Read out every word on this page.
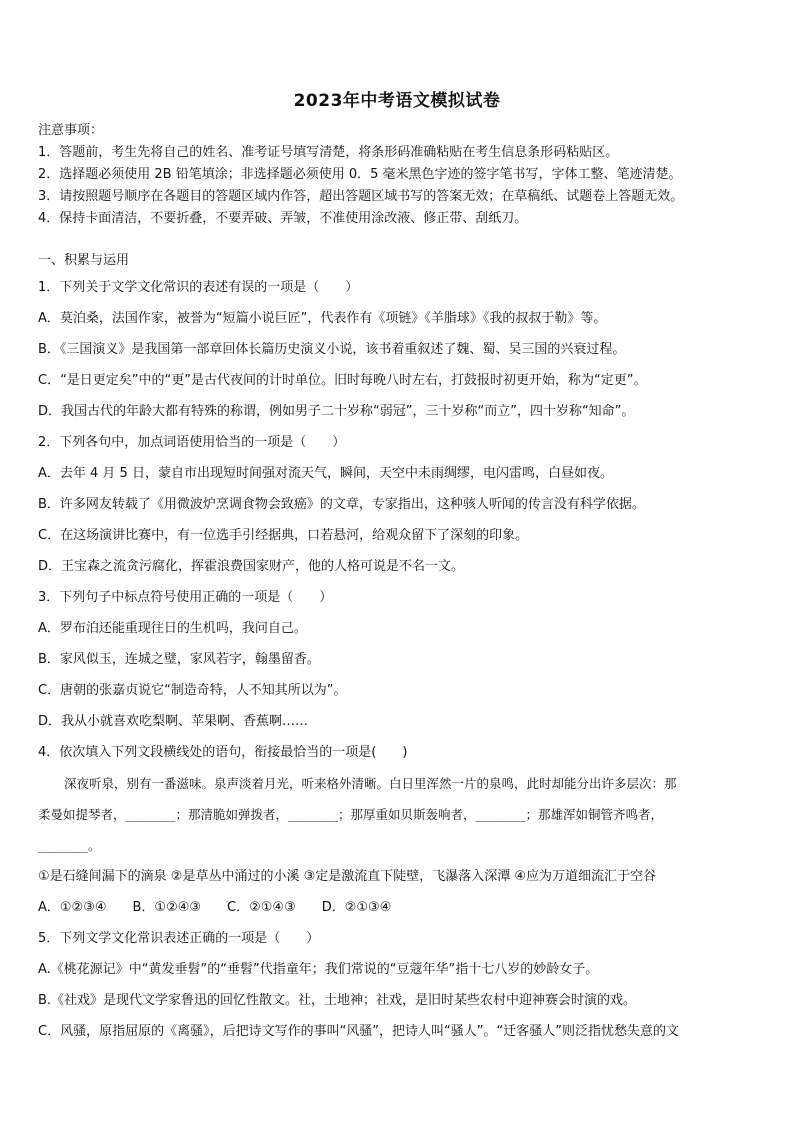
2023年中考语文模拟试卷
注意事项：
1．答题前，考生先将自己的姓名、准考证号填写清楚，将条形码准确粘贴在考生信息条形码粘贴区。
2．选择题必须使用 2B 铅笔填涂；非选择题必须使用 0．5 毫米黑色字迹的签字笔书写，字体工整、笔迹清楚。
3．请按照题号顺序在各题目的答题区域内作答，超出答题区域书写的答案无效；在草稿纸、试题卷上答题无效。
4．保持卡面清洁，不要折叠，不要弄破、弄皱，不准使用涂改液、修正带、刮纸刀。
一、积累与运用
1．下列关于文学文化常识的表述有误的一项是（　　）
A．莫泊桑，法国作家，被誉为“短篇小说巨匠”，代表作有《项链》《羊脂球》《我的叔叔于勒》等。
B．《三国演义》是我国第一部章回体长篇历史演义小说，该书着重叙述了魏、蜀、吴三国的兴衰过程。
C．“是日更定矣”中的“更”是古代夜间的计时单位。旧时每晚八时左右，打鼓报时初更开始，称为“定更”。
D．我国古代的年龄大都有特殊的称谓，例如男子二十岁称“弱冠”，三十岁称“而立”，四十岁称“知命”。
2．下列各句中，加点词语使用恰当的一项是（　　）
A．去年 4 月 5 日，蒙自市出现短时间强对流天气，瞬间，天空中未雨绸缪，电闪雷鸣，白昼如夜。
B．许多网友转载了《用微波炉烹调食物会致癌》的文章，专家指出，这种骇人听闻的传言没有科学依据。
C．在这场演讲比赛中，有一位选手引经据典，口若悬河，给观众留下了深刻的印象。
D．王宝森之流贪污腐化，挥霍浪费国家财产，他的人格可说是不名一文。
3．下列句子中标点符号使用正确的一项是（　　）
A．罗布泊还能重现往日的生机吗，我问自己。
B．家风似玉，连城之璧，家风若字，翰墨留香。
C．唐朝的张嘉贞说它“制造奇特，人不知其所以为”。
D．我从小就喜欢吃梨啊、苹果啊、香蕉啊……
4．依次填入下列文段横线处的语句，衔接最恰当的一项是(　　)
深夜听泉，别有一番滋味。泉声淡着月光，听来格外清晰。白日里浑然一片的泉鸣，此时却能分出许多层次：那
柔曼如提琴者，________；那清脆如弹拨者，________；那厚重如贝斯轰响者，________；那雄浑如铜管齐鸣者，
________。
①是石缝间漏下的滴泉 ②是草丛中涌过的小溪 ③定是激流直下陡壁，飞瀑落入深潭 ④应为万道细流汇于空谷
A．①②③④　　B．①②④③　　C．②①④③　　D．②①③④
5．下列文学文化常识表述正确的一项是（　　）
A.《桃花源记》中“黄发垂髫”的“垂髫”代指童年；我们常说的“豆蔻年华”指十七八岁的妙龄女子。
B.《社戏》是现代文学家鲁迅的回忆性散文。社，土地神；社戏，是旧时某些农村中迎神赛会时演的戏。
C．风骚，原指屈原的《离骚》，后把诗文写作的事叫“风骚”，把诗人叫“骚人”。“迁客骚人”则泛指忧愁失意的文
